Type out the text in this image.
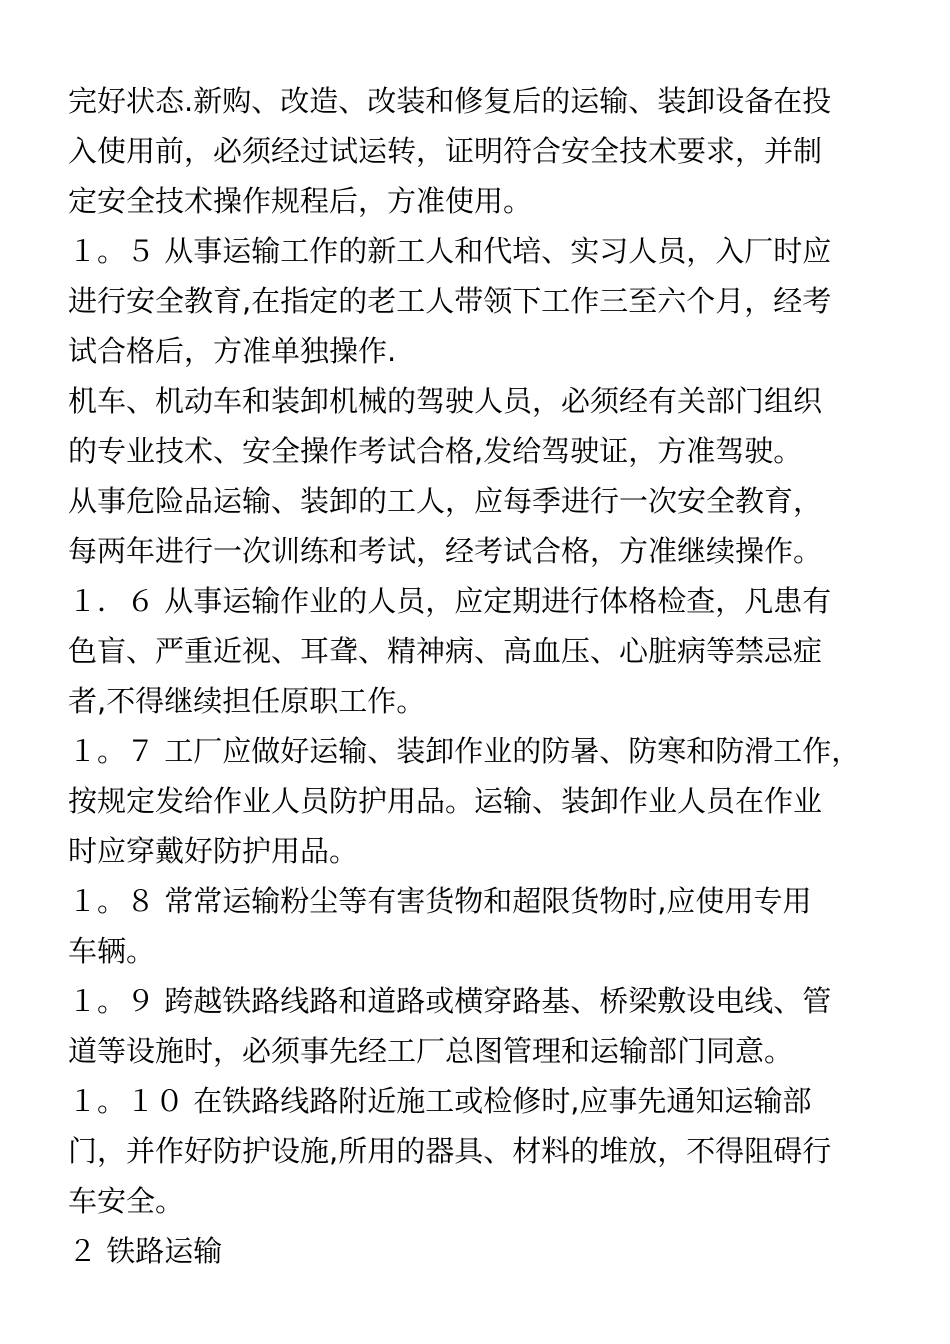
完好状态.新购、改造、改装和修复后的运输、装卸设备在投
入使用前，必须经过试运转，证明符合安全技术要求，并制
定安全技术操作规程后，方准使用。
１。５ 从事运输工作的新工人和代培、实习人员，入厂时应
进行安全教育,在指定的老工人带领下工作三至六个月，经考
试合格后，方准单独操作.
机车、机动车和装卸机械的驾驶人员，必须经有关部门组织
的专业技术、安全操作考试合格,发给驾驶证，方准驾驶。
从事危险品运输、装卸的工人，应每季进行一次安全教育，
每两年进行一次训练和考试，经考试合格，方准继续操作。
１．６ 从事运输作业的人员，应定期进行体格检查，凡患有
色盲、严重近视、耳聋、精神病、高血压、心脏病等禁忌症
者,不得继续担任原职工作。
１。７ 工厂应做好运输、装卸作业的防暑、防寒和防滑工作，
按规定发给作业人员防护用品。运输、装卸作业人员在作业
时应穿戴好防护用品。
１。８ 常常运输粉尘等有害货物和超限货物时,应使用专用
车辆。
１。９ 跨越铁路线路和道路或横穿路基、桥梁敷设电线、管
道等设施时，必须事先经工厂总图管理和运输部门同意。
１。１０ 在铁路线路附近施工或检修时,应事先通知运输部
门，并作好防护设施,所用的器具、材料的堆放，不得阻碍行
车安全。
２ 铁路运输
